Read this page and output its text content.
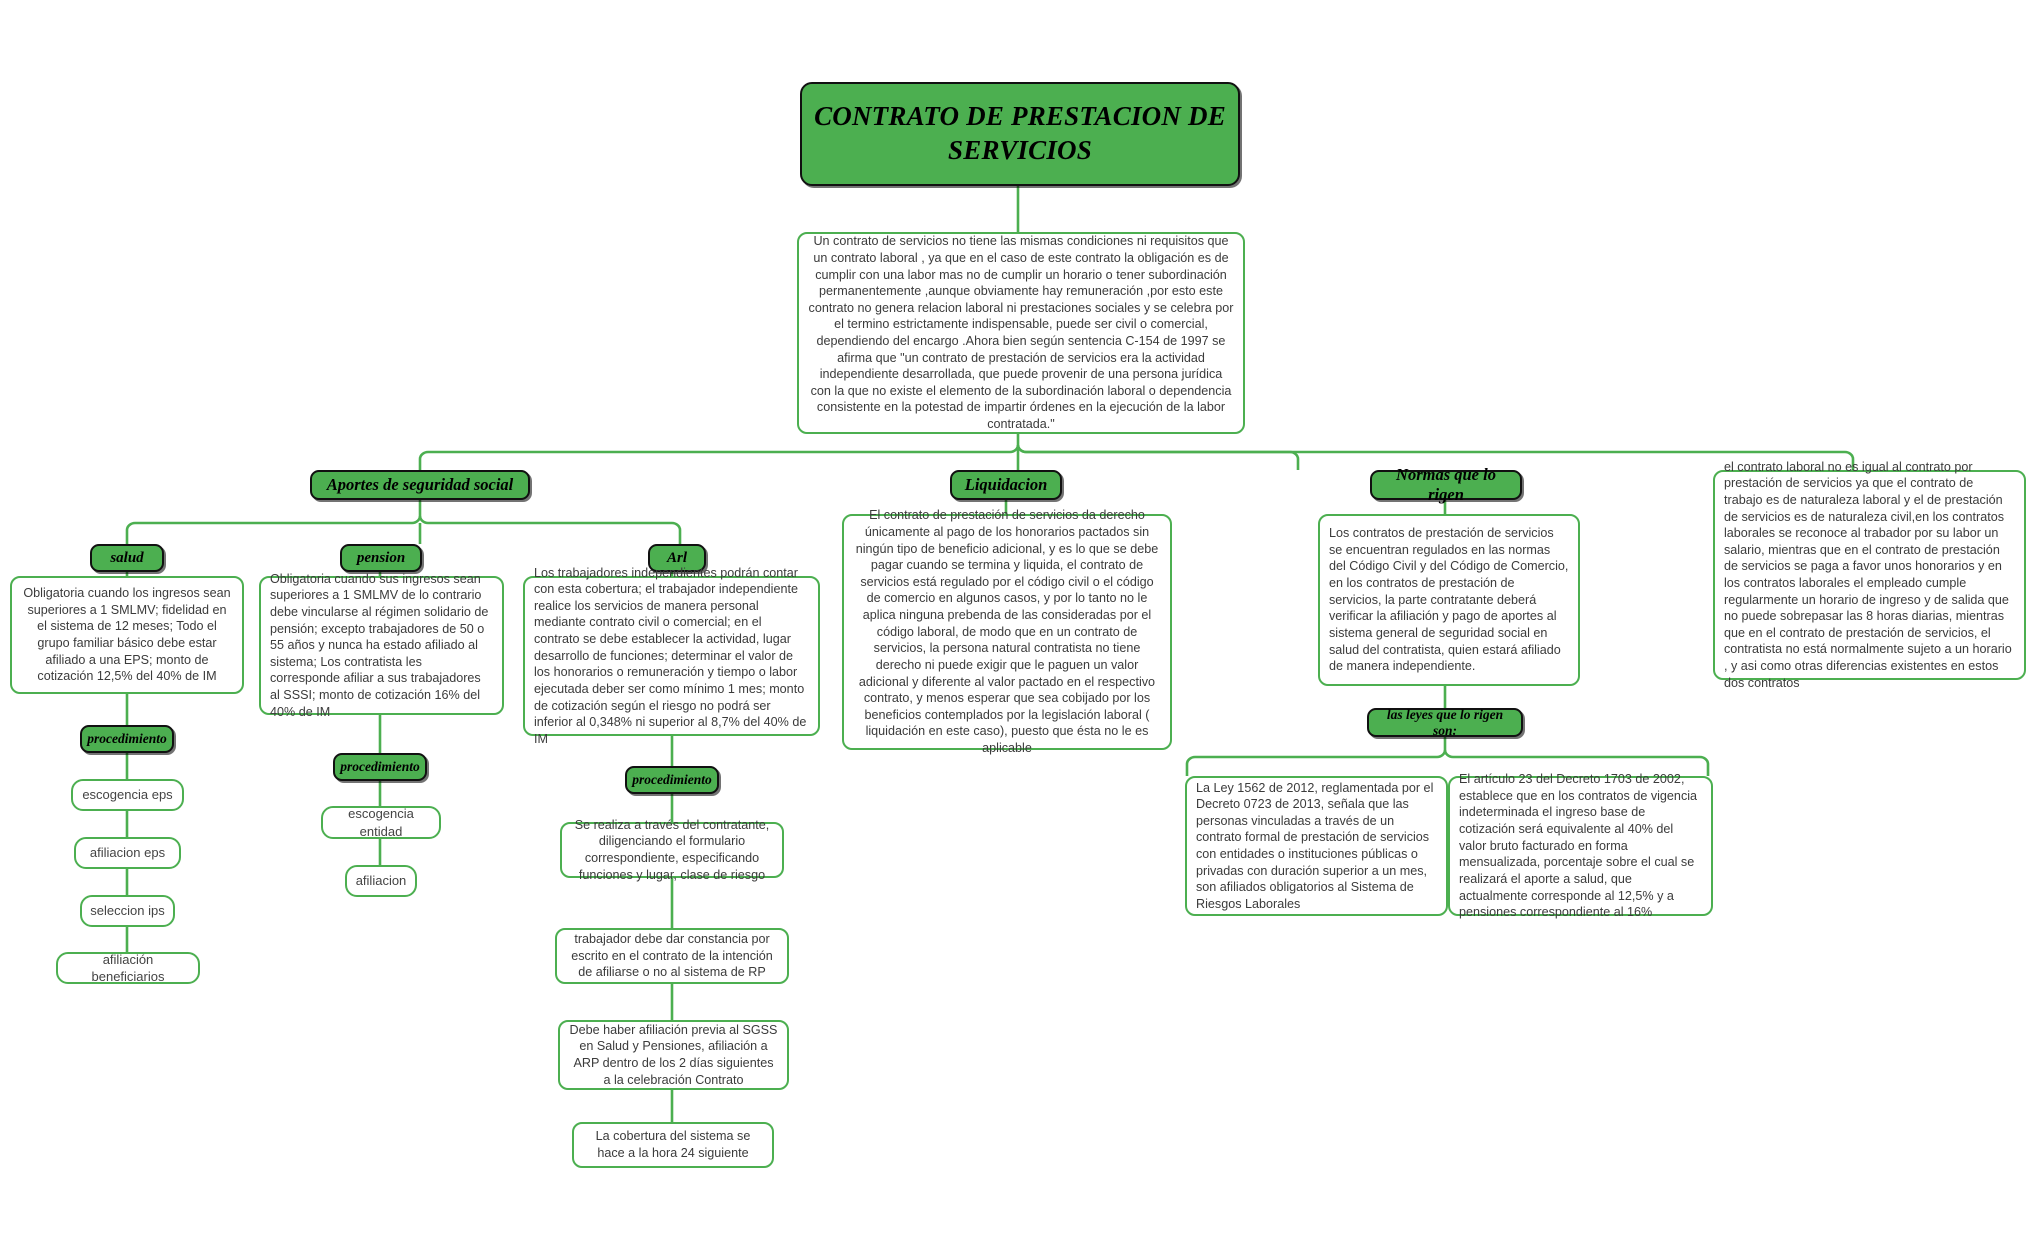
CONTRATO DE PRESTACION DE SERVICIOS
Un contrato de servicios no tiene las mismas condiciones ni requisitos que un contrato laboral , ya que en el caso de este contrato la obligación es de cumplir con una labor mas no de cumplir un horario o tener subordinación permanentemente ,aunque obviamente hay remuneración ,por esto este contrato no genera relacion laboral ni prestaciones sociales y se celebra por el termino estrictamente indispensable, puede ser civil o comercial, dependiendo del encargo .Ahora bien según sentencia C-154 de 1997 se afirma que "un contrato de prestación de servicios era la actividad independiente desarrollada, que puede provenir de una persona jurídica con la que no existe el elemento de la subordinación laboral o dependencia consistente en la potestad de impartir órdenes en la ejecución de la labor contratada."
Aportes de seguridad social
salud
Obligatoria cuando los ingresos sean superiores a 1 SMLMV; fidelidad en el sistema de 12 meses; Todo el grupo familiar básico debe estar afiliado a una EPS; monto de cotización 12,5% del 40% de IM
procedimiento
escogencia eps
afiliacion eps
seleccion ips
afiliación beneficiarios
pension
Obligatoria cuando sus ingresos sean superiores a 1 SMLMV de lo contrario debe vincularse al régimen solidario de pensión; excepto trabajadores de 50 o 55 años y nunca ha estado afiliado al sistema; Los contratista les corresponde afiliar a sus trabajadores al SSSI; monto de cotización 16% del 40% de IM
procedimiento
escogencia entidad
afiliacion
Arl
Los trabajadores independientes podrán contar con esta cobertura; el trabajador independiente realice los servicios de manera personal mediante contrato civil o comercial; en el contrato se debe establecer la actividad, lugar desarrollo de funciones; determinar el valor de los honorarios o remuneración y tiempo o labor ejecutada deber ser como mínimo 1 mes; monto de cotización según el riesgo no podrá ser inferior al 0,348% ni superior al 8,7% del 40% de IM
procedimiento
Se realiza a través del contratante, diligenciando el formulario correspondiente, especificando funciones y lugar, clase de riesgo
trabajador debe dar constancia por escrito en el contrato de la intención de afiliarse o no al sistema de RP
Debe haber afiliación previa al SGSS en Salud y Pensiones, afiliación a ARP dentro de los 2 días siguientes a la celebración Contrato
La cobertura del sistema se hace a la hora 24 siguiente
Liquidacion
El contrato de prestación de servicios da derecho únicamente al pago de los honorarios pactados sin ningún tipo de beneficio adicional, y es lo que se debe pagar cuando se termina y liquida, el contrato de servicios está regulado por el código civil o el código de comercio en algunos casos, y por lo tanto no le aplica ninguna prebenda de las consideradas por el código laboral, de modo que en un contrato de servicios, la persona natural contratista no tiene derecho ni puede exigir que le paguen un valor adicional y diferente al valor pactado en el respectivo contrato, y menos esperar que sea cobijado por los beneficios contemplados por la legislación laboral ( liquidación en este caso), puesto que ésta no le es aplicable
Normas que lo rigen
Los contratos de prestación de servicios se encuentran regulados en las normas del Código Civil y del Código de Comercio, en los contratos de prestación de servicios, la parte contratante deberá verificar la afiliación y pago de aportes al sistema general de seguridad social en salud del contratista, quien estará afiliado de manera independiente.
las leyes que lo rigen son:
La Ley 1562 de 2012, reglamentada por el Decreto 0723 de 2013, señala que las personas vinculadas a través de un contrato formal de prestación de servicios con entidades o instituciones públicas o privadas con duración superior a un mes, son afiliados obligatorios al Sistema de Riesgos Laborales
El artículo 23 del Decreto 1703 de 2002, establece que en los contratos de vigencia indeterminada el ingreso base de cotización será equivalente al 40% del valor bruto facturado en forma mensualizada, porcentaje sobre el cual se realizará el aporte a salud, que actualmente corresponde al 12,5% y a pensiones correspondiente al 16%
el contrato laboral no es igual al contrato por prestación de servicios ya que el contrato de trabajo es de naturaleza laboral y el de prestación de servicios es de naturaleza civil,en los contratos laborales se reconoce al trabador por su labor un salario, mientras que en el contrato de prestación de servicios se paga a favor unos honorarios y en los contratos laborales el empleado cumple regularmente un horario de ingreso y de salida que no puede sobrepasar las 8 horas diarias, mientras que en el contrato de prestación de servicios, el contratista no está normalmente sujeto a un horario , y asi como otras diferencias existentes en estos dos contratos
